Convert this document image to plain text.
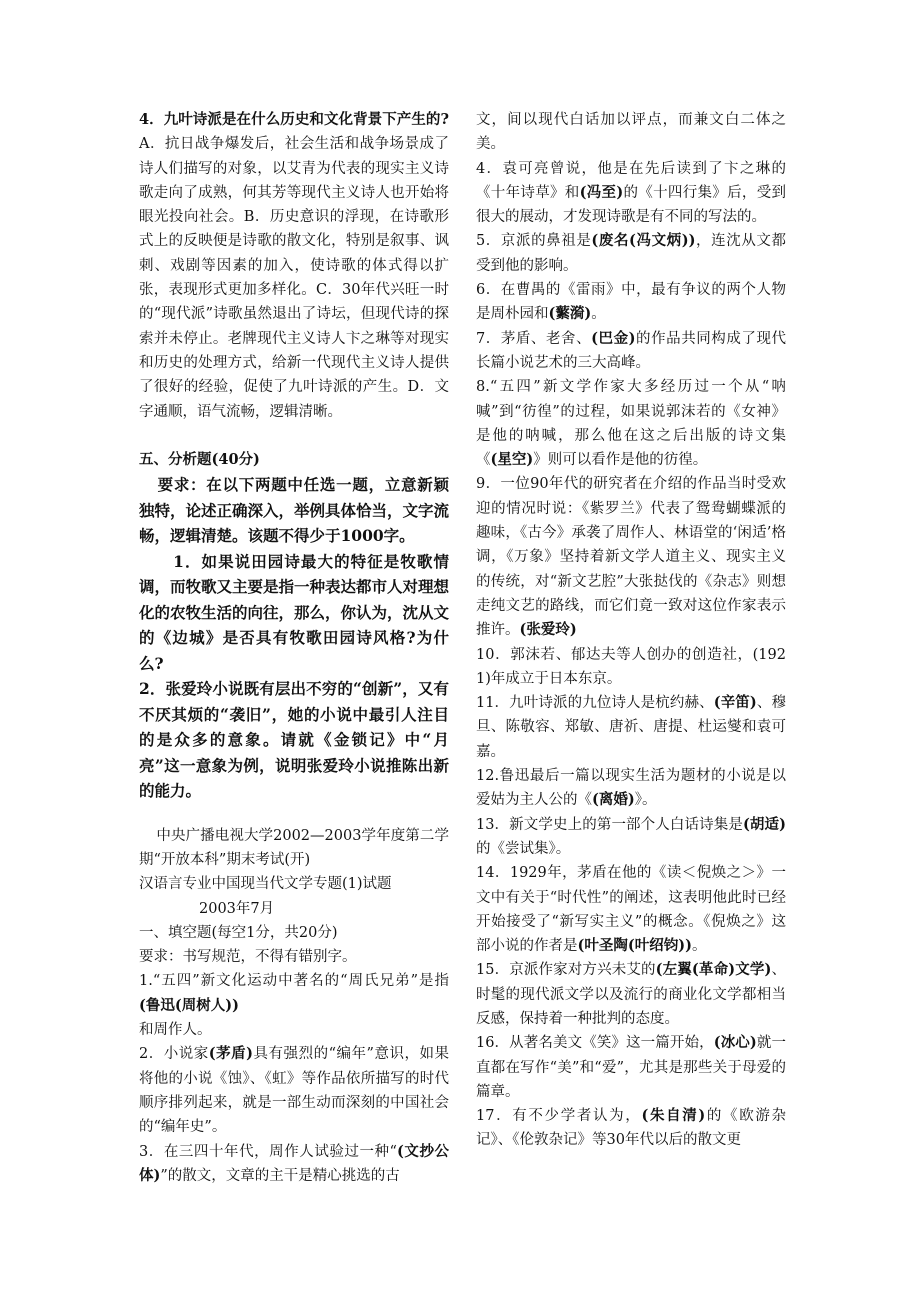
4．九叶诗派是在什么历史和文化背景下产生的?A．抗日战争爆发后，社会生活和战争场景成了诗人们描写的对象，以艾青为代表的现实主义诗歌走向了成熟，何其芳等现代主义诗人也开始将眼光投向社会。B．历史意识的浮现，在诗歌形式上的反映便是诗歌的散文化，特别是叙事、讽刺、戏剧等因素的加入，使诗歌的体式得以扩张，表现形式更加多样化。C．30年代兴旺一时的“现代派”诗歌虽然退出了诗坛，但现代诗的探索并未停止。老牌现代主义诗人卞之琳等对现实和历史的处理方式，给新一代现代主义诗人提供了很好的经验，促使了九叶诗派的产生。D．文字通顺，语气流畅，逻辑清晰。

五、分析题(40分)

要求：在以下两题中任选一题，立意新颖独特，论述正确深入，举例具体恰当，文字流畅，逻辑清楚。该题不得少于1000字。

1．如果说田园诗最大的特征是牧歌情调，而牧歌又主要是指一种表达都市人对理想化的农牧生活的向往，那么，你认为，沈从文的《边城》是否具有牧歌田园诗风格?为什么?

2．张爱玲小说既有层出不穷的“创新”，又有不厌其烦的“袭旧”，她的小说中最引人注目的是众多的意象。请就《金锁记》中“月亮”这一意象为例，说明张爱玲小说推陈出新的能力。

中央广播电视大学2002—2003学年度第二学期“开放本科”期末考试(开)

汉语言专业中国现当代文学专题(1)试题

2003年7月

一、填空题(每空1分，共20分)

要求：书写规范，不得有错别字。

1.“五四”新文化运动中著名的“周氏兄弟”是指 (鲁迅(周树人))
和周作人。

2．小说家(茅盾)具有强烈的“编年”意识，如果将他的小说《蚀》、《虹》等作品依所描写的时代顺序排列起来，就是一部生动而深刻的中国社会的“编年史”。

3．在三四十年代，周作人试验过一种“(文抄公体)”的散文，文章的主干是精心挑选的古

文，间以现代白话加以评点，而兼文白二体之美。

4．袁可亮曾说，他是在先后读到了卞之琳的《十年诗草》和(冯至)的《十四行集》后，受到很大的展动，才发现诗歌是有不同的写法的。

5．京派的鼻祖是(废名(冯文炳))，连沈从文都受到他的影响。

6．在曹禺的《雷雨》中，最有争议的两个人物是周朴园和(蘩漪)。

7．茅盾、老舍、(巴金)的作品共同构成了现代长篇小说艺术的三大高峰。

8.“五四”新文学作家大多经历过一个从“呐喊”到“彷徨”的过程，如果说郭沫若的《女神》是他的呐喊，那么他在这之后出版的诗文集《(星空)》则可以看作是他的彷徨。

9．一位90年代的研究者在介绍的作品当时受欢迎的情况时说：《紫罗兰》代表了鸳鸯蝴蝶派的趣味，《古今》承袭了周作人、林语堂的‘闲适’格调，《万象》坚持着新文学人道主义、现实主义的传统，对“新文艺腔”大张挞伐的《杂志》则想走纯文艺的路线，而它们竟一致对这位作家表示推许。(张爱玲)

10．郭沫若、郁达夫等人创办的创造社，(1921)年成立于日本东京。

11．九叶诗派的九位诗人是杭约赫、(辛笛)、穆旦、陈敬容、郑敏、唐祈、唐提、杜运燮和袁可嘉。

12.鲁迅最后一篇以现实生活为题材的小说是以爱姑为主人公的《(离婚)》。

13．新文学史上的第一部个人白话诗集是(胡适)的《尝试集》。

14．1929年，茅盾在他的《读＜倪焕之＞》一文中有关于“时代性”的阐述，这表明他此时已经开始接受了“新写实主义”的概念。《倪焕之》这部小说的作者是(叶圣陶(叶绍钧))。

15．京派作家对方兴未艾的(左翼(革命)文学)、时髦的现代派文学以及流行的商业化文学都相当反感，保持着一种批判的态度。

16．从著名美文《笑》这一篇开始，(冰心)就一直都在写作“美”和“爱”，尤其是那些关于母爱的篇章。

17．有不少学者认为，(朱自清)的《欧游杂记》、《伦敦杂记》等30年代以后的散文更
